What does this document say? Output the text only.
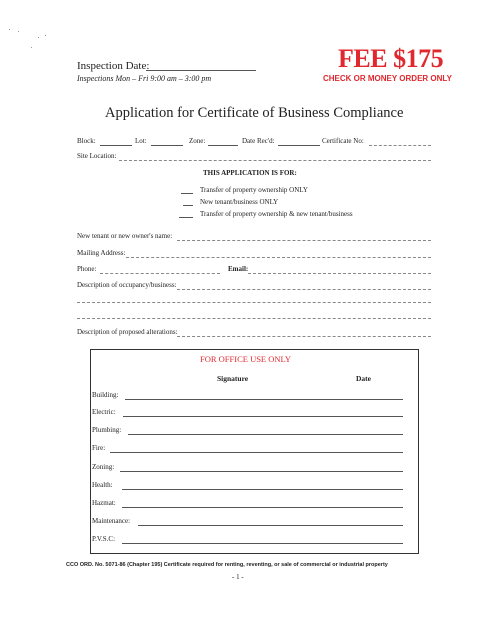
Inspection Date:
Inspections Mon – Fri 9:00 am – 3:00 pm
FEE $175
CHECK OR MONEY ORDER ONLY
Application for Certificate of Business Compliance
Block:	Lot:	Zone:	Date Rec'd:	Certificate No:
Site Location:
THIS APPLICATION IS FOR:
Transfer of property ownership ONLY
New tenant/business ONLY
Transfer of property ownership & new tenant/business
New tenant or new owner's name:
Mailing Address:
Phone:	Email:
Description of occupancy/business:
Description of proposed alterations:
FOR OFFICE USE ONLY
Signature	Date
Building:
Electric:
Plumbing:
Fire:
Zoning:
Health:
Hazmat:
Maintenance:
P.V.S.C:
CCO ORD. No. 5071-86 (Chapter 195) Certificate required for renting, reventing, or sale of commercial or industrial property
- 1 -
